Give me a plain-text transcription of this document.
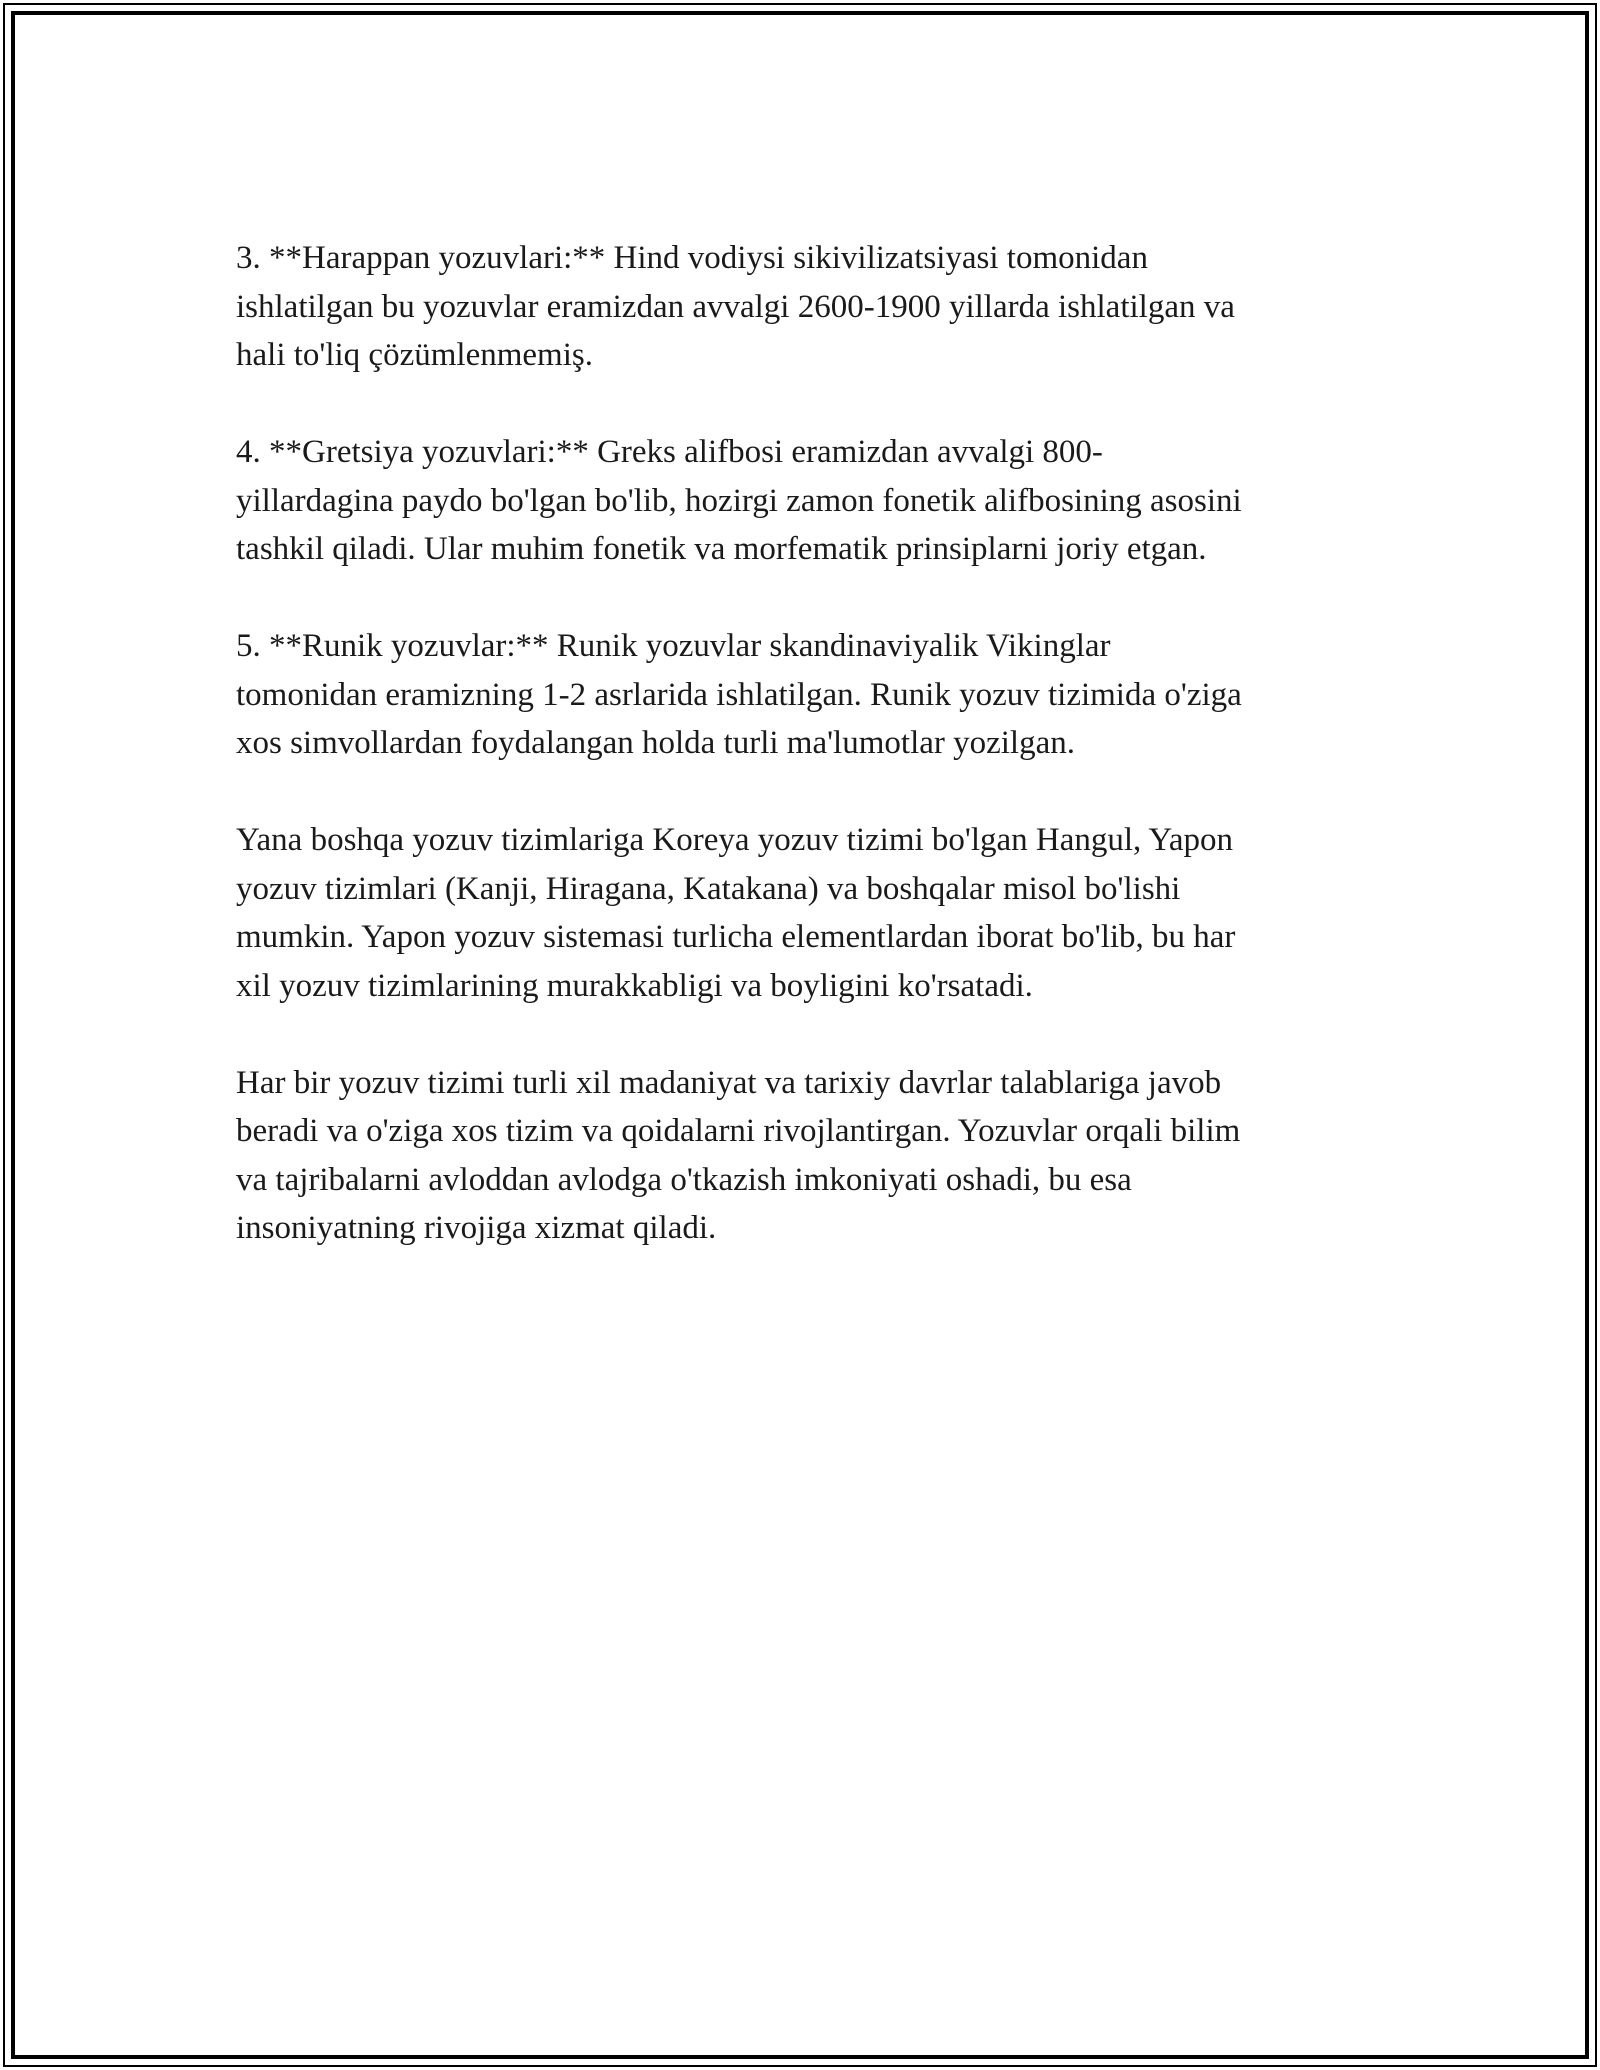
3. **Harappan yozuvlari:** Hind vodiysi sikivilizatsiyasi tomonidan
ishlatilgan bu yozuvlar eramizdan avvalgi 2600-1900 yillarda ishlatilgan va
hali to'liq çözümlenmemiş.

4. **Gretsiya yozuvlari:** Greks alifbosi eramizdan avvalgi 800-
yillardagina paydo bo'lgan bo'lib, hozirgi zamon fonetik alifbosining asosini
tashkil qiladi. Ular muhim fonetik va morfematik prinsiplarni joriy etgan.

5. **Runik yozuvlar:** Runik yozuvlar skandinaviyalik Vikinglar
tomonidan eramizning 1-2 asrlarida ishlatilgan. Runik yozuv tizimida o'ziga
xos simvollardan foydalangan holda turli ma'lumotlar yozilgan.

Yana boshqa yozuv tizimlariga Koreya yozuv tizimi bo'lgan Hangul, Yapon
yozuv tizimlari (Kanji, Hiragana, Katakana) va boshqalar misol bo'lishi
mumkin. Yapon yozuv sistemasi turlicha elementlardan iborat bo'lib, bu har
xil yozuv tizimlarining murakkabligi va boyligini ko'rsatadi.

Har bir yozuv tizimi turli xil madaniyat va tarixiy davrlar talablariga javob
beradi va o'ziga xos tizim va qoidalarni rivojlantirgan. Yozuvlar orqali bilim
va tajribalarni avloddan avlodga o'tkazish imkoniyati oshadi, bu esa
insoniyatning rivojiga xizmat qiladi.
